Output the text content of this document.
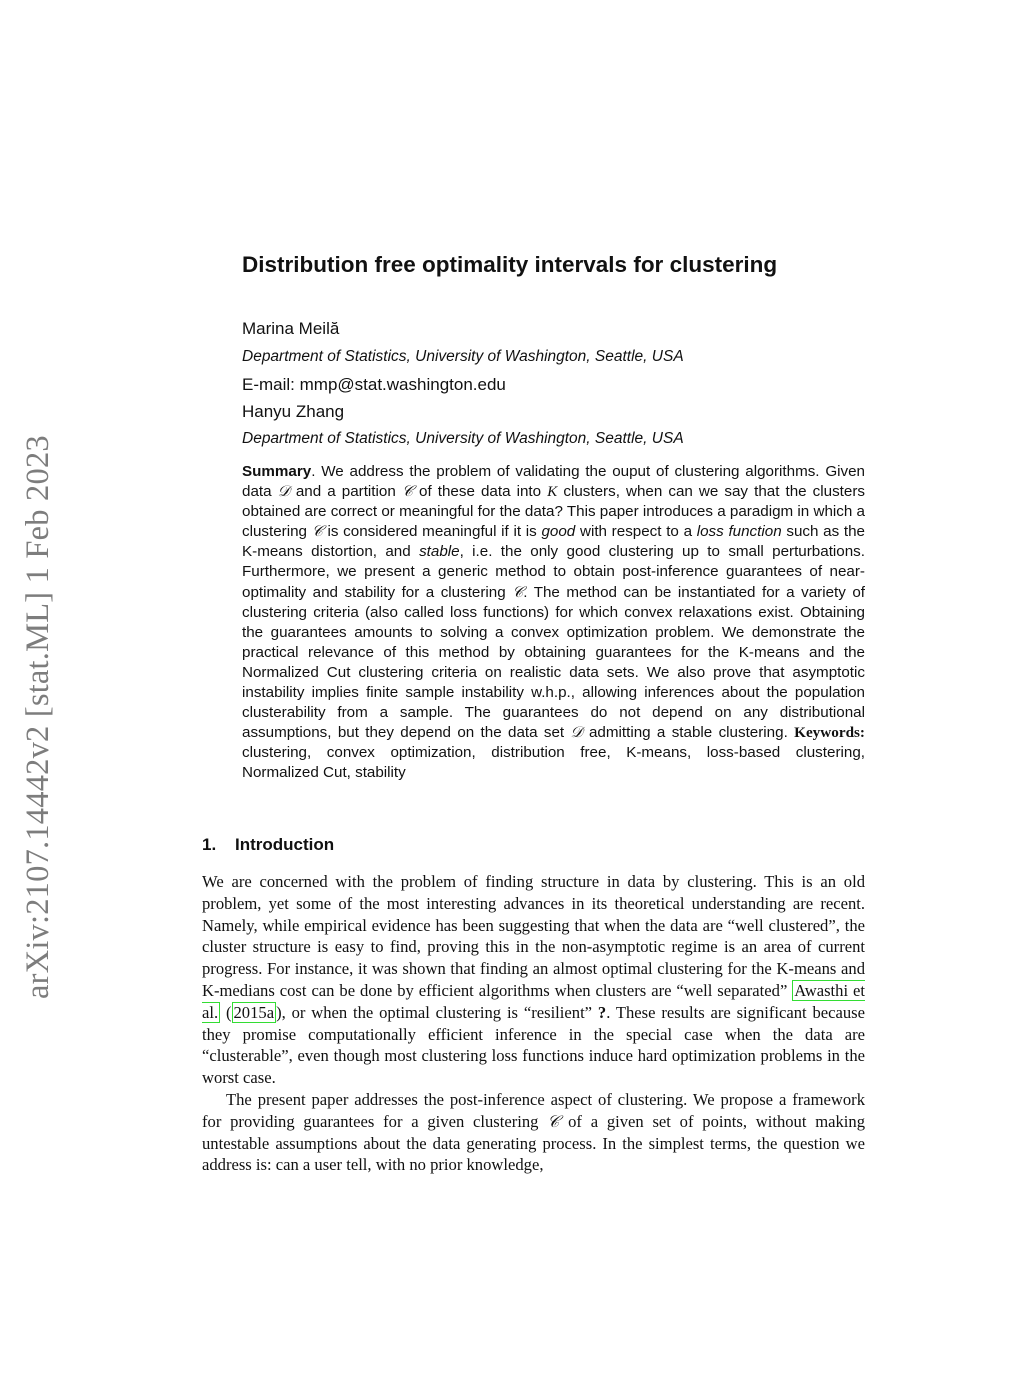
arXiv:2107.14442v2 [stat.ML] 1 Feb 2023
Distribution free optimality intervals for clustering
Marina Meilă
Department of Statistics, University of Washington, Seattle, USA
E-mail: mmp@stat.washington.edu
Hanyu Zhang
Department of Statistics, University of Washington, Seattle, USA
Summary. We address the problem of validating the ouput of clustering algorithms. Given data 𝒟 and a partition 𝒞 of these data into K clusters, when can we say that the clusters obtained are correct or meaningful for the data? This paper introduces a paradigm in which a clustering 𝒞 is considered meaningful if it is good with respect to a loss function such as the K-means distortion, and stable, i.e. the only good clustering up to small perturbations. Furthermore, we present a generic method to obtain post-inference guarantees of near-optimality and stability for a clustering 𝒞. The method can be instantiated for a variety of clustering criteria (also called loss functions) for which convex relaxations exist. Obtaining the guarantees amounts to solving a convex optimization problem. We demonstrate the practical relevance of this method by obtaining guarantees for the K-means and the Normalized Cut clustering criteria on realistic data sets. We also prove that asymptotic instability implies finite sample instability w.h.p., allowing inferences about the population clusterability from a sample. The guarantees do not depend on any distributional assumptions, but they depend on the data set 𝒟 admitting a stable clustering. Keywords: clustering, convex optimization, distribution free, K-means, loss-based clustering, Normalized Cut, stability
1. Introduction

We are concerned with the problem of finding structure in data by clustering. This is an old problem, yet some of the most interesting advances in its theoretical understanding are recent. Namely, while empirical evidence has been suggesting that when the data are “well clustered”, the cluster structure is easy to find, proving this in the non-asymptotic regime is an area of current progress. For instance, it was shown that finding an almost optimal clustering for the K-means and K-medians cost can be done by efficient algorithms when clusters are “well separated” Awasthi et al. ( 2015a ), or when the optimal clustering is “resilient” ?. These results are significant because they promise computationally efficient inference in the special case when the data are “clusterable”, even though most clustering loss functions induce hard optimization problems in the worst case.

The present paper addresses the post-inference aspect of clustering. We propose a framework for providing guarantees for a given clustering 𝒞 of a given set of points, without making untestable assumptions about the data generating process. In the simplest terms, the question we address is: can a user tell, with no prior knowledge,
